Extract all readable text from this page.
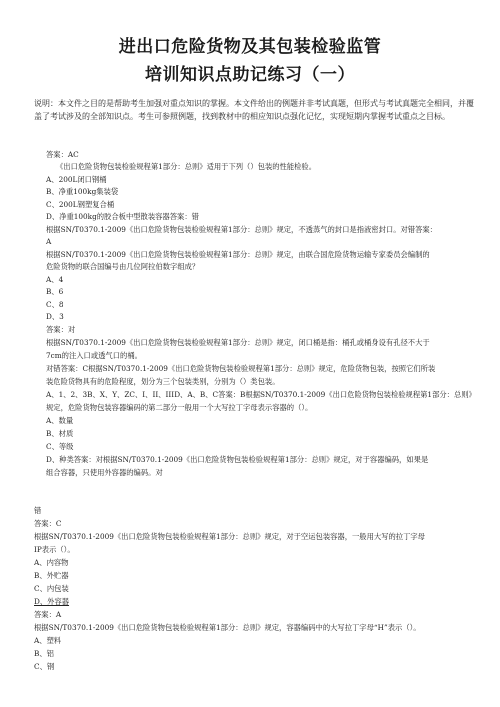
进出口危险货物及其包装检验监管
培训知识点助记练习（一）
说明：本文件之目的是帮助考生加强对重点知识的掌握。本文件给出的例题并非考试真题，但形式与考试真题完全相同，并覆盖了考试涉及的全部知识点。考生可参照例题，找到教材中的相应知识点强化记忆，实现短期内掌握考试重点之目标。
答案：AC
《出口危险货物包装检验规程第1部分：总则》适用于下列（）包装的性能检验。
A、200L闭口钢桶
B、净重100kg集装袋
C、200L钢塑复合桶
D、净重100kg的胶合板中型散装容器答案：错
根据SN/T0370.1-2009《出口危险货物包装检验规程第1部分：总则》规定，不透蒸气的封口是指液密封口。对错答案：
A
根据SN/T0370.1-2009《出口危险货物包装检验规程第1部分：总则》规定，由联合国危险货物运输专家委员会编制的
危险货物的联合国编号由几位阿拉伯数字组成？
A、4
B、6
C、8
D、3
答案：对
根据SN/T0370.1-2009《出口危险货物包装检验规程第1部分：总则》规定，闭口桶是指：桶孔或桶身设有孔径不大于
7cm的注入口或透气口的桶。
对错答案：C根据SN/T0370.1-2009《出口危险货物包装检验规程第1部分：总则》规定，危险货物包装，按照它们所装
装危险货物具有的危险程度，划分为三个包装类别，分别为（）类包装。
A、1、2、3B、X、Y、ZC、I、II、IIID、A、B、C答案：B根据SN/T0370.1-2009《出口危险货物包装检验规程第1部分：总则》
规定，危险货物包装容器编码的第二部分一般用一个大写拉丁字母表示容器的（）。
A、数量
B、材质
C、等级
D、种类答案：对根据SN/T0370.1-2009《出口危险货物包装检验规程第1部分：总则》规定，对于容器编码，如果是
组合容器，只使用外容器的编码。对
错
答案：C
根据SN/T0370.1-2009《出口危险货物包装检验规程第1部分：总则》规定，对于空运包装容器，一般用大写的拉丁字母
IP表示（）。
A、内容物
B、外贮器
C、内包装
D、外容器
答案：A
根据SN/T0370.1-2009《出口危险货物包装检验规程第1部分：总则》规定，容器编码中的大写拉丁字母“H”表示（）。
A、塑料
B、铝
C、钢
